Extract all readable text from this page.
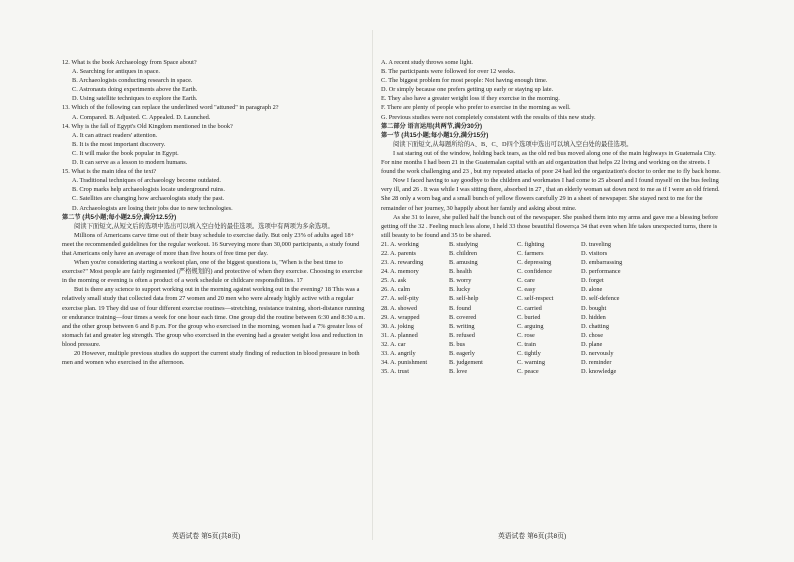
12. What is the book Archaeology from Space about?

A. Searching for antiques in space.

B. Archaeologists conducting research in space.

C. Astronauts doing experiments above the Earth.

D. Using satellite techniques to explore the Earth.

13. Which of the following can replace the underlined word "attuned" in paragraph 2?

A. Compared. B. Adjusted. C. Appealed. D. Launched.

14. Why is the fall of Egypt's Old Kingdom mentioned in the book?

A. It can attract readers' attention.

B. It is the most important discovery.

C. It will make the book popular in Egypt.

D. It can serve as a lesson to modern humans.

15. What is the main idea of the text?

A. Traditional techniques of archaeology become outdated.

B. Crop marks help archaeologists locate underground ruins.

C. Satellites are changing how archaeologists study the past.

D. Archaeologists are losing their jobs due to new technologies.

第二节 (共5小题;每小题2.5分,满分12.5分)

阅读下面短文,从短文后的选项中选出可以填入空白处的最佳选项。选项中有两项为多余选项。

Millions of Americans carve time out of their busy schedule to exercise daily. But only 23% of adults aged 18+ meet the recommended guidelines for the regular workout. 16 Surveying more than 30,000 participants, a study found that Americans only have an average of more than five hours of free time per day.

When you're considering starting a workout plan, one of the biggest questions is, "When is the best time to exercise?" Most people are fairly regimented (严格规划的) and protective of when they exercise. Choosing to exercise in the morning or evening is often a product of a work schedule or childcare responsibilities. 17

But is there any science to support working out in the morning against working out in the evening? 18 This was a relatively small study that collected data from 27 women and 20 men who were already highly active with a regular exercise plan. 19 They did use of four different exercise routines—stretching, resistance training, short-distance running or endurance training—four times a week for one hour each time. One group did the routine between 6:30 and 8:30 a.m. and the other group between 6 and 8 p.m. For the group who exercised in the morning, women had a 7% greater loss of stomach fat and greater leg strength. The group who exercised in the evening had a greater weight loss and reduction in blood pressure.

20 However, multiple previous studies do support the current study finding of reduction in blood pressure in both men and women who exercised in the afternoon.

A. A recent study throws some light.

B. The participants were followed for over 12 weeks.

C. The biggest problem for most people: Not having enough time.

D. Or simply because one prefers getting up early or staying up late.

E. They also have a greater weight loss if they exercise in the morning.

F. There are plenty of people who prefer to exercise in the morning as well.

G. Previous studies were not completely consistent with the results of this new study.

第二部分 语言运用(共两节,满分30分)

第一节 (共15小题;每小题1分,满分15分)

阅读下面短文,从每题所给的A、B、C、D四个选项中选出可以填入空白处的最佳选项。

I sat staring out of the window, holding back tears, as the old red bus moved along one of the main highways in Guatemala City. For nine months I had been 21 in the Guatemalan capital with an aid organization that helps 22 living and working on the streets. I found the work challenging and 23 , but my repeated attacks of poor 24 had led the organization's doctor to order me to fly back home.

Now I faced having to say goodbye to the children and workmates I had come to 25 aboard and I found myself on the bus feeling very ill, and 26 . It was while I was sitting there, absorbed in 27 , that an elderly woman sat down next to me as if I were an old friend. She 28 only a worn bag and a small bunch of yellow flowers carefully 29 in a sheet of newspaper. She stayed next to me for the remainder of her journey, 30 happily about her family and asking about mine.

As she 31 to leave, she pulled half the bunch out of the newspaper. She pushed them into my arms and gave me a blessing before getting off the 32 . Feeling much less alone, I held 33 those beautiful flowers;a 34 that even when life takes unexpected turns, there is still beauty to be found and 35 to be shared.

21. A. working	B. studying	C. fighting	D. traveling
22. A. parents	B. children	C. farmers	D. visitors
23. A. rewarding	B. amusing	C. depressing	D. embarrassing
24. A. memory	B. health	C. confidence	D. performance
25. A. ask	B. worry	C. care	D. forget
26. A. calm	B. lucky	C. easy	D. alone
27. A. self-pity	B. self-help	C. self-respect	D. self-defence
28. A. showed	B. found	C. carried	D. bought
29. A. wrapped	B. covered	C. buried	D. hidden
30. A. joking	B. writing	C. arguing	D. chatting
31. A. planned	B. refused	C. rose	D. chose
32. A. car	B. bus	C. train	D. plane
33. A. angrily	B. eagerly	C. tightly	D. nervously
34. A. punishment	B. judgement	C. warning	D. reminder
35. A. trust	B. love	C. peace	D. knowledge
英语试卷 第5页(共8页)	英语试卷 第6页(共8页)
